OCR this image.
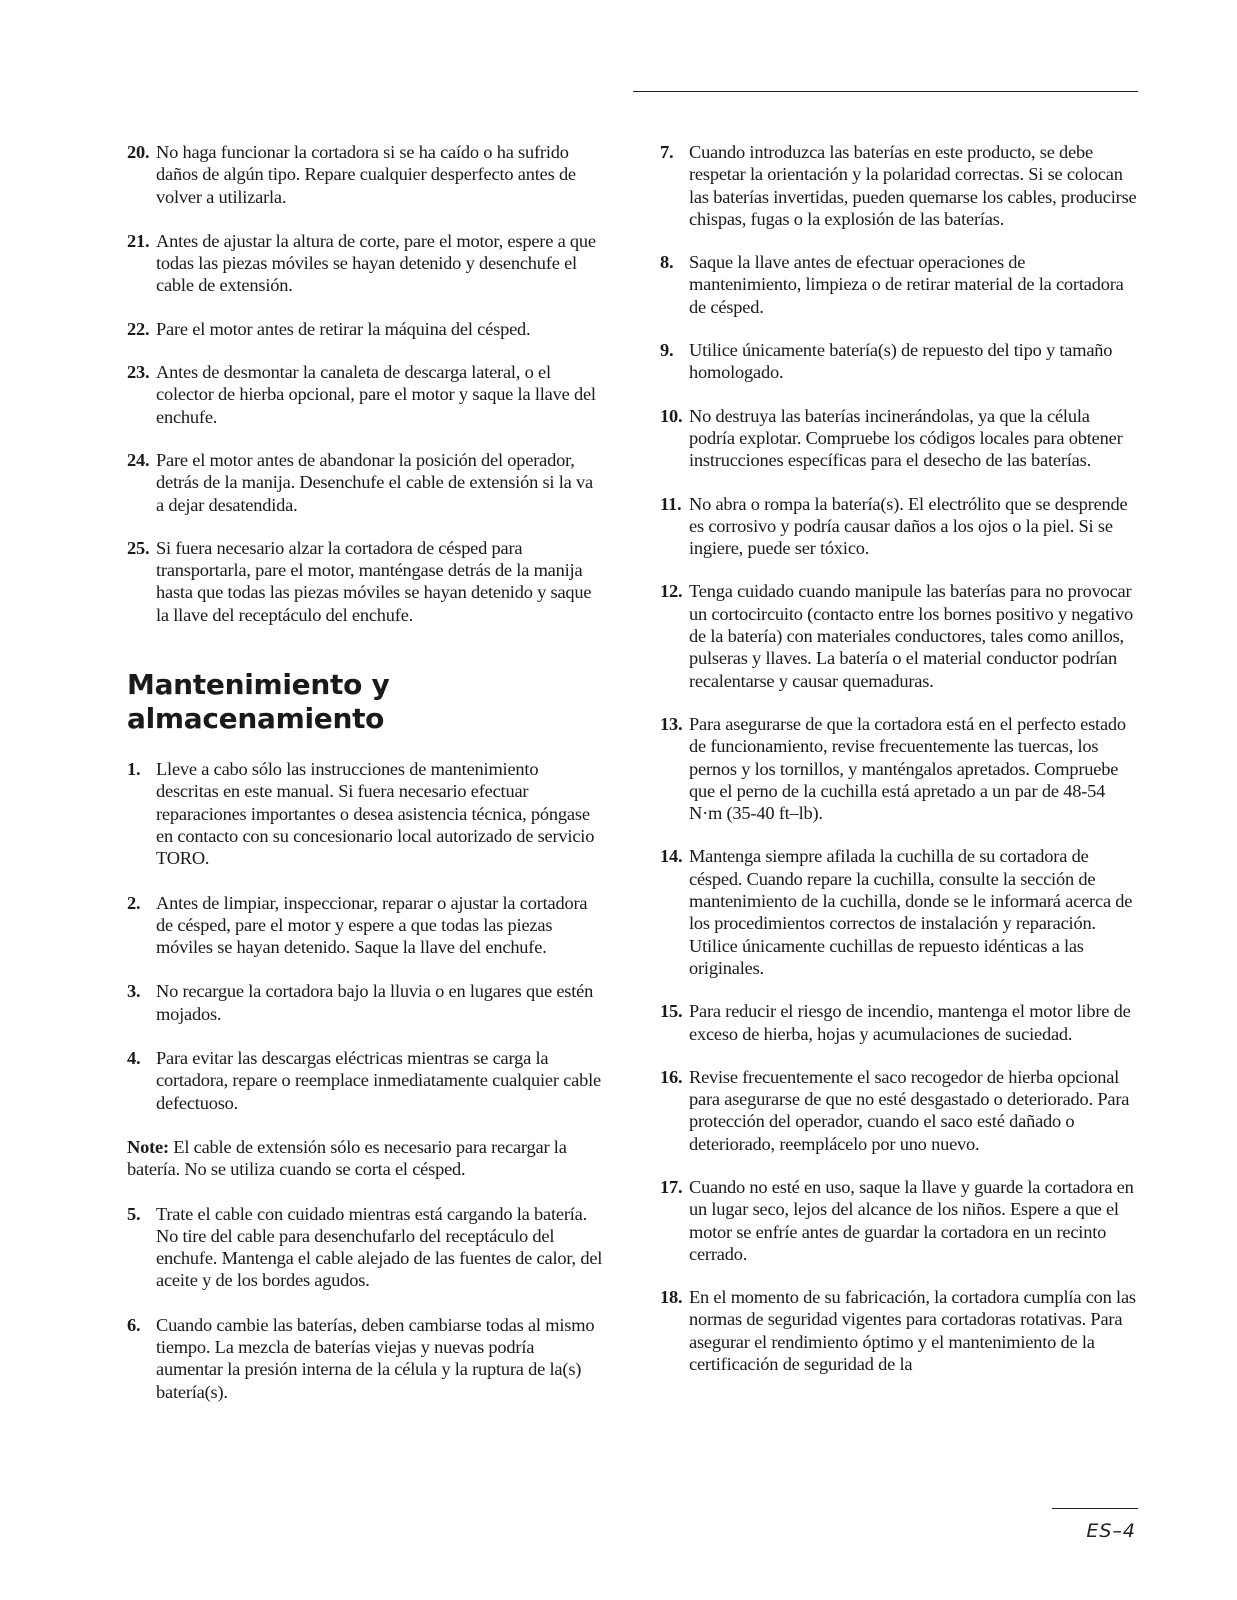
20. No haga funcionar la cortadora si se ha caído o ha sufrido daños de algún tipo. Repare cualquier desperfecto antes de volver a utilizarla.
21. Antes de ajustar la altura de corte, pare el motor, espere a que todas las piezas móviles se hayan detenido y desenchufe el cable de extensión.
22. Pare el motor antes de retirar la máquina del césped.
23. Antes de desmontar la canaleta de descarga lateral, o el colector de hierba opcional, pare el motor y saque la llave del enchufe.
24. Pare el motor antes de abandonar la posición del operador, detrás de la manija. Desenchufe el cable de extensión si la va a dejar desatendida.
25. Si fuera necesario alzar la cortadora de césped para transportarla, pare el motor, manténgase detrás de la manija hasta que todas las piezas móviles se hayan detenido y saque la llave del receptáculo del enchufe.
Mantenimiento y almacenamiento
1. Lleve a cabo sólo las instrucciones de mantenimiento descritas en este manual. Si fuera necesario efectuar reparaciones importantes o desea asistencia técnica, póngase en contacto con su concesionario local autorizado de servicio TORO.
2. Antes de limpiar, inspeccionar, reparar o ajustar la cortadora de césped, pare el motor y espere a que todas las piezas móviles se hayan detenido. Saque la llave del enchufe.
3. No recargue la cortadora bajo la lluvia o en lugares que estén mojados.
4. Para evitar las descargas eléctricas mientras se carga la cortadora, repare o reemplace inmediatamente cualquier cable defectuoso.

Note: El cable de extensión sólo es necesario para recargar la batería. No se utiliza cuando se corta el césped.

5. Trate el cable con cuidado mientras está cargando la batería. No tire del cable para desenchufarlo del receptáculo del enchufe. Mantenga el cable alejado de las fuentes de calor, del aceite y de los bordes agudos.
6. Cuando cambie las baterías, deben cambiarse todas al mismo tiempo. La mezcla de baterías viejas y nuevas podría aumentar la presión interna de la célula y la ruptura de la(s) batería(s).
7. Cuando introduzca las baterías en este producto, se debe respetar la orientación y la polaridad correctas. Si se colocan las baterías invertidas, pueden quemarse los cables, producirse chispas, fugas o la explosión de las baterías.
8. Saque la llave antes de efectuar operaciones de mantenimiento, limpieza o de retirar material de la cortadora de césped.
9. Utilice únicamente batería(s) de repuesto del tipo y tamaño homologado.
10. No destruya las baterías incinerándolas, ya que la célula podría explotar. Compruebe los códigos locales para obtener instrucciones específicas para el desecho de las baterías.
11. No abra o rompa la batería(s). El electrólito que se desprende es corrosivo y podría causar daños a los ojos o la piel. Si se ingiere, puede ser tóxico.
12. Tenga cuidado cuando manipule las baterías para no provocar un cortocircuito (contacto entre los bornes positivo y negativo de la batería) con materiales conductores, tales como anillos, pulseras y llaves. La batería o el material conductor podrían recalentarse y causar quemaduras.
13. Para asegurarse de que la cortadora está en el perfecto estado de funcionamiento, revise frecuentemente las tuercas, los pernos y los tornillos, y manténgalos apretados. Compruebe que el perno de la cuchilla está apretado a un par de 48-54 N·m (35-40 ft–lb).
14. Mantenga siempre afilada la cuchilla de su cortadora de césped. Cuando repare la cuchilla, consulte la sección de mantenimiento de la cuchilla, donde se le informará acerca de los procedimientos correctos de instalación y reparación. Utilice únicamente cuchillas de repuesto idénticas a las originales.
15. Para reducir el riesgo de incendio, mantenga el motor libre de exceso de hierba, hojas y acumulaciones de suciedad.
16. Revise frecuentemente el saco recogedor de hierba opcional para asegurarse de que no esté desgastado o deteriorado. Para protección del operador, cuando el saco esté dañado o deteriorado, reemplácelo por uno nuevo.
17. Cuando no esté en uso, saque la llave y guarde la cortadora en un lugar seco, lejos del alcance de los niños. Espere a que el motor se enfríe antes de guardar la cortadora en un recinto cerrado.
18. En el momento de su fabricación, la cortadora cumplía con las normas de seguridad vigentes para cortadoras rotativas. Para asegurar el rendimiento óptimo y el mantenimiento de la certificación de seguridad de la
ES–4
